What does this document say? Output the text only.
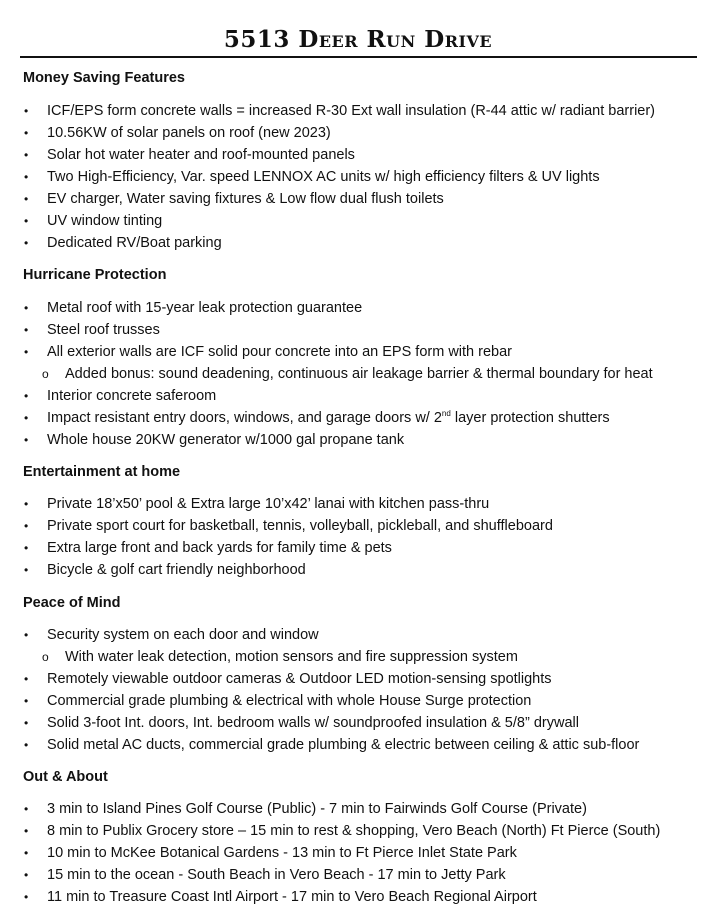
5513 Deer Run Drive
Money Saving Features
• ICF/EPS form concrete walls = increased R-30 Ext wall insulation (R-44 attic w/ radiant barrier)
• 10.56KW of solar panels on roof (new 2023)
• Solar hot water heater and roof-mounted panels
• Two High-Efficiency, Var. speed LENNOX AC units w/ high efficiency filters & UV lights
• EV charger, Water saving fixtures & Low flow dual flush toilets
• UV window tinting
• Dedicated RV/Boat parking
Hurricane Protection
• Metal roof with 15-year leak protection guarantee
• Steel roof trusses
• All exterior walls are ICF solid pour concrete into an EPS form with rebar
o Added bonus: sound deadening, continuous air leakage barrier & thermal boundary for heat
• Interior concrete saferoom
• Impact resistant entry doors, windows, and garage doors w/ 2nd layer protection shutters
• Whole house 20KW generator w/1000 gal propane tank
Entertainment at home
• Private 18’x50’ pool & Extra large 10’x42’ lanai with kitchen pass-thru
• Private sport court for basketball, tennis, volleyball, pickleball, and shuffleboard
• Extra large front and back yards for family time & pets
• Bicycle & golf cart friendly neighborhood
Peace of Mind
• Security system on each door and window
o With water leak detection, motion sensors and fire suppression system
• Remotely viewable outdoor cameras & Outdoor LED motion-sensing spotlights
• Commercial grade plumbing & electrical with whole House Surge protection
• Solid 3-foot Int. doors, Int. bedroom walls w/ soundproofed insulation & 5/8” drywall
• Solid metal AC ducts, commercial grade plumbing & electric between ceiling & attic sub-floor
Out & About
• 3 min to Island Pines Golf Course (Public) - 7 min to Fairwinds Golf Course (Private)
• 8 min to Publix Grocery store – 15 min to rest & shopping, Vero Beach (North) Ft Pierce (South)
• 10 min to McKee Botanical Gardens - 13 min to Ft Pierce Inlet State Park
• 15 min to the ocean - South Beach in Vero Beach - 17 min to Jetty Park
• 11 min to Treasure Coast Intl Airport - 17 min to Vero Beach Regional Airport
